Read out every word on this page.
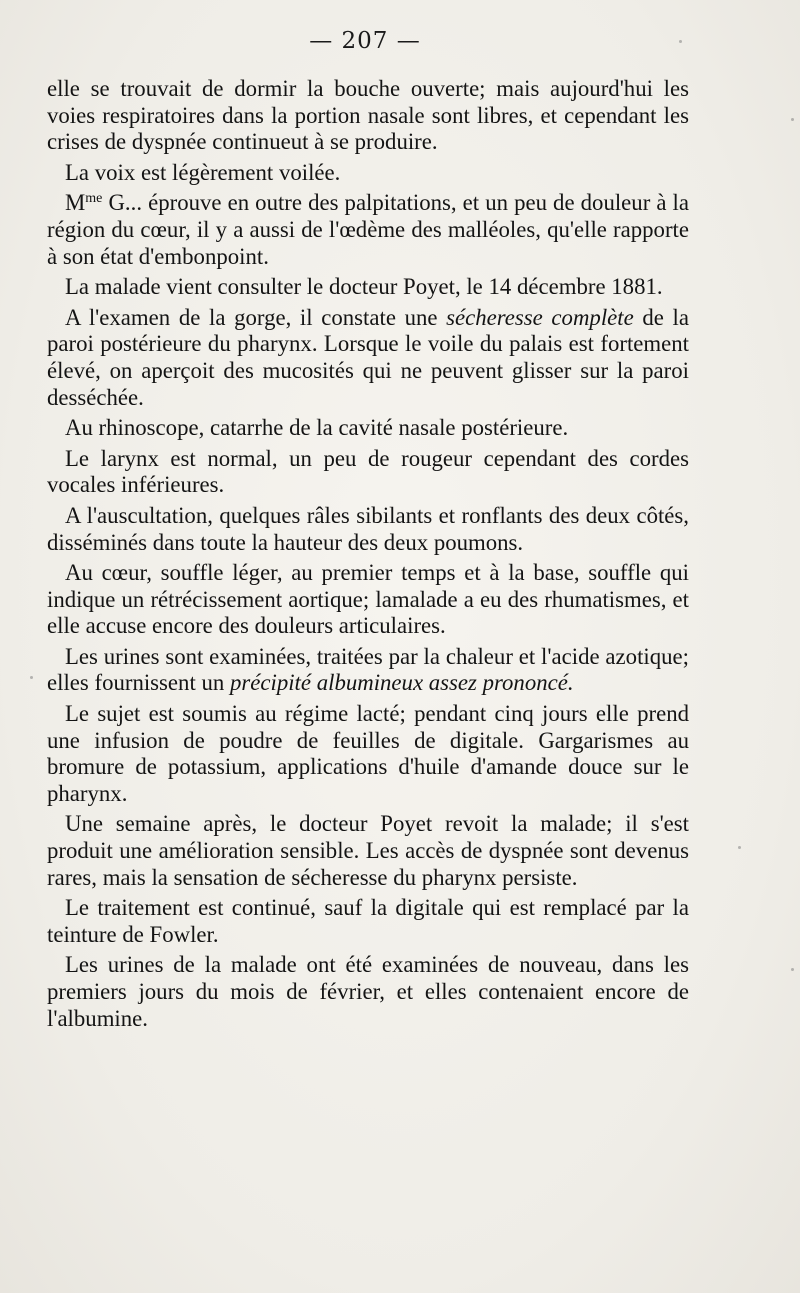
— 207 —

elle se trouvait de dormir la bouche ouverte; mais aujourd'hui les voies respiratoires dans la portion nasale sont libres, et cependant les crises de dyspnée continueut à se produire.

La voix est légèrement voilée.

$M^{me}$ G... éprouve en outre des palpitations, et un peu de douleur à la région du cœur, il y a aussi de l'œdème des malléoles, qu'elle rapporte à son état d'embonpoint.

La malade vient consulter le docteur Poyet, le 14 décembre 1881.

A l'examen de la gorge, il constate une sécheresse complète de la paroi postérieure du pharynx. Lorsque le voile du palais est fortement élevé, on aperçoit des mucosités qui ne peuvent glisser sur la paroi desséchée.

Au rhinoscope, catarrhe de la cavité nasale postérieure.

Le larynx est normal, un peu de rougeur cependant des cordes vocales inférieures.

A l'auscultation, quelques râles sibilants et ronflants des deux côtés, disséminés dans toute la hauteur des deux poumons.

Au cœur, souffle léger, au premier temps et à la base, souffle qui indique un rétrécissement aortique; lamalade a eu des rhumatismes, et elle accuse encore des douleurs articulaires.

Les urines sont examinées, traitées par la chaleur et l'acide azotique; elles fournissent un précipité albumineux assez prononcé.

Le sujet est soumis au régime lacté; pendant cinq jours elle prend une infusion de poudre de feuilles de digitale. Gargarismes au bromure de potassium, applications d'huile d'amande douce sur le pharynx.

Une semaine après, le docteur Poyet revoit la malade; il s'est produit une amélioration sensible. Les accès de dyspnée sont devenus rares, mais la sensation de sécheresse du pharynx persiste.

Le traitement est continué, sauf la digitale qui est remplacé par la teinture de Fowler.

Les urines de la malade ont été examinées de nouveau, dans les premiers jours du mois de février, et elles contenaient encore de l'albumine.
